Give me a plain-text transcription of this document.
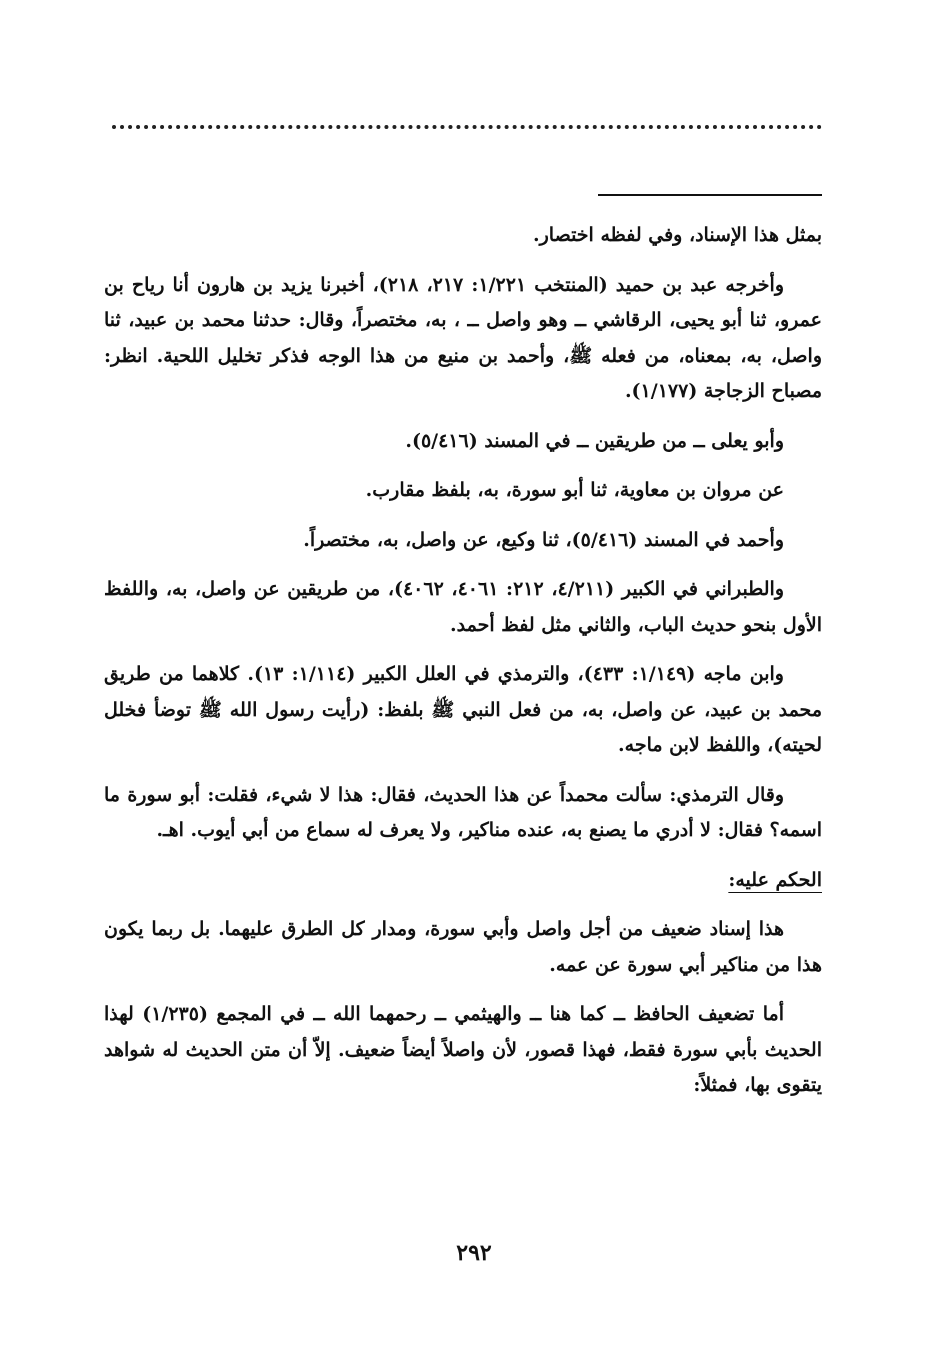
بمثل هذا الإسناد، وفي لفظه اختصار.

وأخرجه عبد بن حميد (المنتخب ١/٢٢١: ٢١٧، ٢١٨)، أخبرنا يزيد بن هارون أنا رياح بن عمرو، ثنا أبو يحيى، الرقاشي ــ وهو واصل ــ ، به، مختصراً، وقال: حدثنا محمد بن عبيد، ثنا واصل، به، بمعناه، من فعله ﷺ، وأحمد بن منيع من هذا الوجه فذكر تخليل اللحية. انظر: مصباح الزجاجة (١/١٧٧).

وأبو يعلى ــ من طريقين ــ في المسند (٥/٤١٦).

عن مروان بن معاوية، ثنا أبو سورة، به، بلفظ مقارب.

وأحمد في المسند (٥/٤١٦)، ثنا وكيع، عن واصل، به، مختصراً.

والطبراني في الكبير (٤/٢١١، ٢١٢: ٤٠٦١، ٤٠٦٢)، من طريقين عن واصل، به، واللفظ الأول بنحو حديث الباب، والثاني مثل لفظ أحمد.

وابن ماجه (١/١٤٩: ٤٣٣)، والترمذي في العلل الكبير (١/١١٤: ١٣). كلاهما من طريق محمد بن عبيد، عن واصل، به، من فعل النبي ﷺ بلفظ: (رأيت رسول الله ﷺ توضأ فخلل لحيته)، واللفظ لابن ماجه.

وقال الترمذي: سألت محمداً عن هذا الحديث، فقال: هذا لا شيء، فقلت: أبو سورة ما اسمه؟ فقال: لا أدري ما يصنع به، عنده مناكير، ولا يعرف له سماع من أبي أيوب. اهـ.

الحكم عليه:

هذا إسناد ضعيف من أجل واصل وأبي سورة، ومدار كل الطرق عليهما. بل ربما يكون هذا من مناكير أبي سورة عن عمه.

أما تضعيف الحافظ ــ كما هنا ــ والهيثمي ــ رحمهما الله ــ في المجمع (١/٢٣٥) لهذا الحديث بأبي سورة فقط، فهذا قصور، لأن واصلاً أيضاً ضعيف. إلاّ أن متن الحديث له شواهد يتقوى بها، فمثلاً:

٢٩٢
